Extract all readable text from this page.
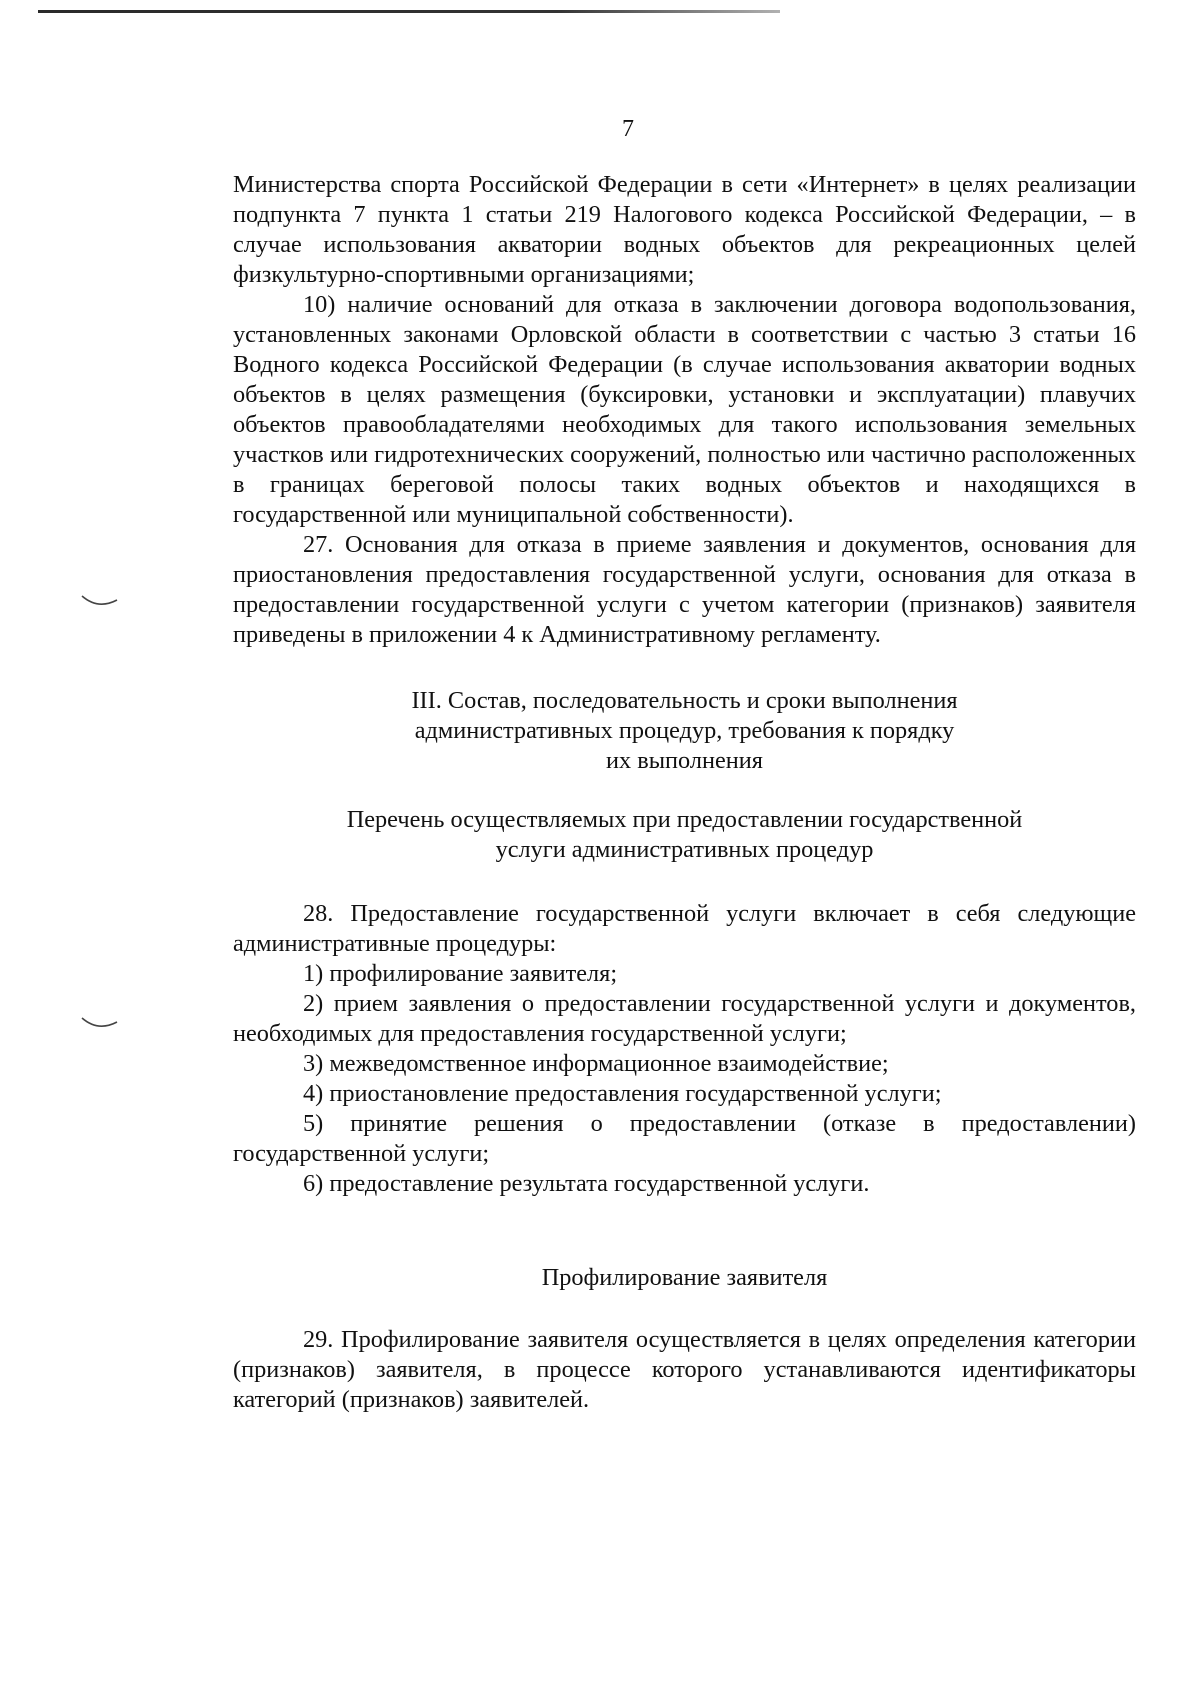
7

Министерства спорта Российской Федерации в сети «Интернет» в целях реализации подпункта 7 пункта 1 статьи 219 Налогового кодекса Российской Федерации, – в случае использования акватории водных объектов для рекреационных целей физкультурно-спортивными организациями;

10) наличие оснований для отказа в заключении договора водопользования, установленных законами Орловской области в соответствии с частью 3 статьи 16 Водного кодекса Российской Федерации (в случае использования акватории водных объектов в целях размещения (буксировки, установки и эксплуатации) плавучих объектов правообладателями необходимых для такого использования земельных участков или гидротехнических сооружений, полностью или частично расположенных в границах береговой полосы таких водных объектов и находящихся в государственной или муниципальной собственности).

27. Основания для отказа в приеме заявления и документов, основания для приостановления предоставления государственной услуги, основания для отказа в предоставлении государственной услуги с учетом категории (признаков) заявителя приведены в приложении 4 к Административному регламенту.

III. Состав, последовательность и сроки выполнения
административных процедур, требования к порядку
их выполнения
Перечень осуществляемых при предоставлении государственной
услуги административных процедур

28. Предоставление государственной услуги включает в себя следующие административные процедуры:

1) профилирование заявителя;

2) прием заявления о предоставлении государственной услуги и документов, необходимых для предоставления государственной услуги;

3) межведомственное информационное взаимодействие;

4) приостановление предоставления государственной услуги;

5) принятие решения о предоставлении (отказе в предоставлении) государственной услуги;

6) предоставление результата государственной услуги.

Профилирование заявителя

29. Профилирование заявителя осуществляется в целях определения категории (признаков) заявителя, в процессе которого устанавливаются идентификаторы категорий (признаков) заявителей.
